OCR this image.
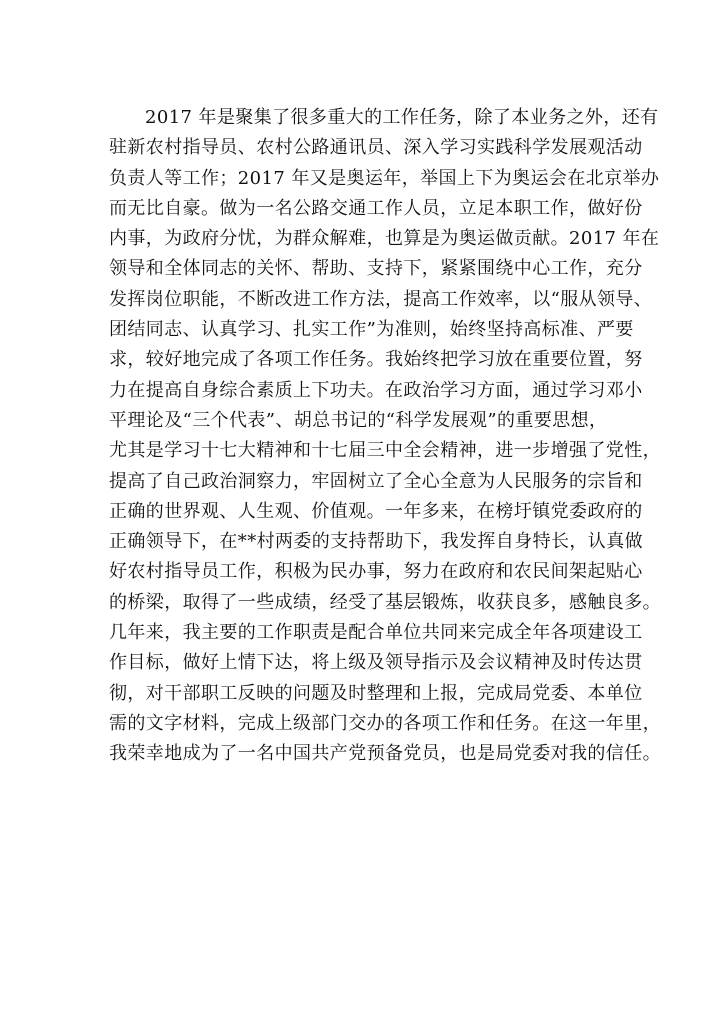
2017 年是聚集了很多重大的工作任务，除了本业务之外，还有
驻新农村指导员、农村公路通讯员、深入学习实践科学发展观活动
负责人等工作；2017 年又是奥运年，举国上下为奥运会在北京举办
而无比自豪。做为一名公路交通工作人员，立足本职工作，做好份
内事，为政府分忧，为群众解难，也算是为奥运做贡献。2017 年在
领导和全体同志的关怀、帮助、支持下，紧紧围绕中心工作，充分
发挥岗位职能，不断改进工作方法，提高工作效率，以“服从领导、
团结同志、认真学习、扎实工作”为准则，始终坚持高标准、严要
求，较好地完成了各项工作任务。我始终把学习放在重要位置，努
力在提高自身综合素质上下功夫。在政治学习方面，通过学习邓小
平理论及“三个代表”、胡总书记的“科学发展观”的重要思想，
尤其是学习十七大精神和十七届三中全会精神，进一步增强了党性，
提高了自己政治洞察力，牢固树立了全心全意为人民服务的宗旨和
正确的世界观、人生观、价值观。一年多来，在榜圩镇党委政府的
正确领导下，在**村两委的支持帮助下，我发挥自身特长，认真做
好农村指导员工作，积极为民办事，努力在政府和农民间架起贴心
的桥梁，取得了一些成绩，经受了基层锻炼，收获良多，感触良多。
几年来，我主要的工作职责是配合单位共同来完成全年各项建设工
作目标，做好上情下达，将上级及领导指示及会议精神及时传达贯
彻，对干部职工反映的问题及时整理和上报，完成局党委、本单位
需的文字材料，完成上级部门交办的各项工作和任务。在这一年里，
我荣幸地成为了一名中国共产党预备党员，也是局党委对我的信任。
